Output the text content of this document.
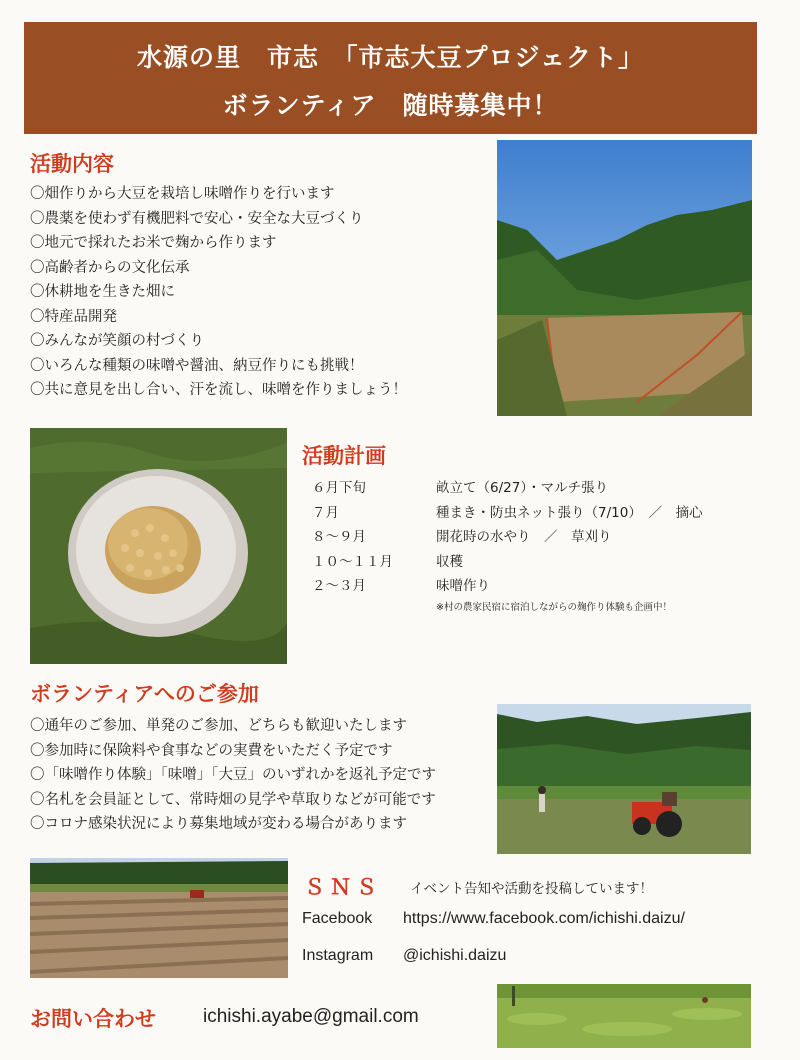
水源の里　市志　「市志大豆プロジェクト」
ボランティア　随時募集中！
活動内容
〇畑作りから大豆を栽培し味噌作りを行います
〇農薬を使わず有機肥料で安心・安全な大豆づくり
〇地元で採れたお米で麹から作ります
〇高齢者からの文化伝承
〇休耕地を生きた畑に
〇特産品開発
〇みんなが笑顔の村づくり
〇いろんな種類の味噌や醤油、納豆作りにも挑戦！
〇共に意見を出し合い、汗を流し、味噌を作りましょう！
活動計画
６月下旬	畝立て（6/27）・マルチ張り
７月	種まき・防虫ネット張り（7/10）　／　摘心
８～９月	開花時の水やり　／　草刈り
１０～１１月	収穫
２～３月	味噌作り
※村の農家民宿に宿泊しながらの麹作り体験も企画中！
ボランティアへのご参加
〇通年のご参加、単発のご参加、どちらも歓迎いたします
〇参加時に保険料や食事などの実費をいただく予定です
〇「味噌作り体験」「味噌」「大豆」のいずれかを返礼予定です
〇名札を会員証として、常時畑の見学や草取りなどが可能です
〇コロナ感染状況により募集地域が変わる場合があります
ＳＮＳ イベント告知や活動を投稿しています！
Facebook https://www.facebook.com/ichishi.daizu/
Instagram @ichishi.daizu
お問い合わせ ichishi.ayabe@gmail.com
